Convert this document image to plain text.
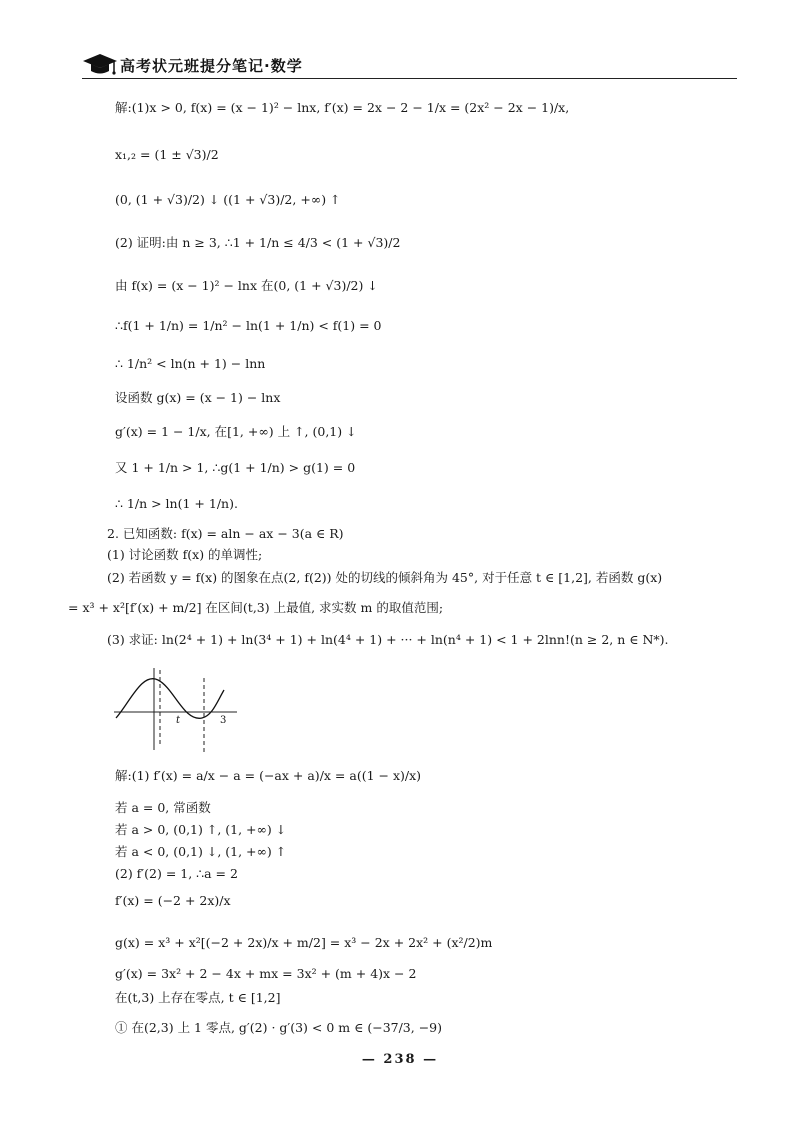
高考状元班提分笔记·数学
解:(1)x > 0, f(x) = (x − 1)² − lnx, f′(x) = 2x − 2 − 1/x = (2x² − 2x − 1)/x,
x₁,₂ = (1 ± √3)/2
(0, (1 + √3)/2) ↓ ((1 + √3)/2, +∞) ↑
(2) 证明:由 n ≥ 3, ∴1 + 1/n ≤ 4/3 < (1 + √3)/2
由 f(x) = (x − 1)² − lnx 在(0, (1 + √3)/2) ↓
∴f(1 + 1/n) = 1/n² − ln(1 + 1/n) < f(1) = 0
∴ 1/n² < ln(n + 1) − lnn
设函数 g(x) = (x − 1) − lnx
g′(x) = 1 − 1/x, 在[1, +∞) 上 ↑, (0,1) ↓
又 1 + 1/n > 1, ∴g(1 + 1/n) > g(1) = 0
∴ 1/n > ln(1 + 1/n).
2. 已知函数: f(x) = aln − ax − 3(a ∈ R)
(1) 讨论函数 f(x) 的单调性;
(2) 若函数 y = f(x) 的图象在点(2, f(2)) 处的切线的倾斜角为 45°, 对于任意 t ∈ [1,2], 若函数 g(x)
= x³ + x²[f′(x) + m/2] 在区间(t,3) 上最值, 求实数 m 的取值范围;
(3) 求证: ln(2⁴ + 1) + ln(3⁴ + 1) + ln(4⁴ + 1) + ··· + ln(n⁴ + 1) < 1 + 2lnn!(n ≥ 2, n ∈ N*).
解:(1) f′(x) = a/x − a = (−ax + a)/x = a((1 − x)/x)
若 a = 0, 常函数
若 a > 0, (0,1) ↑, (1, +∞) ↓
若 a < 0, (0,1) ↓, (1, +∞) ↑
(2) f′(2) = 1, ∴a = 2
f′(x) = (−2 + 2x)/x
g(x) = x³ + x²[(−2 + 2x)/x + m/2] = x³ − 2x + 2x² + (x²/2)m
g′(x) = 3x² + 2 − 4x + mx = 3x² + (m + 4)x − 2
在(t,3) 上存在零点, t ∈ [1,2]
① 在(2,3) 上 1 零点, g′(2) · g′(3) < 0 m ∈ (−37/3, −9)
t	3
— 238 —
